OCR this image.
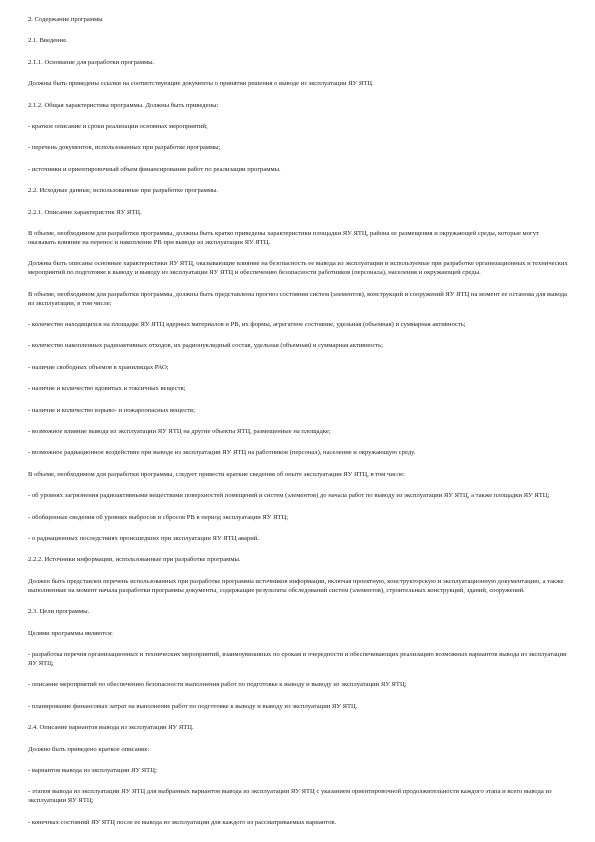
2. Содержание программы

2.1. Введение.

2.1.1. Основание для разработки программы.

Должны быть приведены ссылки на соответствующие документы о принятии решения о выводе из эксплуатации ЯУ ЯТЦ.

2.1.2. Общая характеристика программы. Должны быть приведены:

- краткое описание и сроки реализации основных мероприятий;

- перечень документов, использованных при разработке программы;

- источники и ориентировочный объем финансирования работ по реализации программы.

2.2. Исходные данные, использованные при разработке программы.

2.2.1. Описание характеристик ЯУ ЯТЦ.

В объеме, необходимом для разработки программы, должны быть кратко приведены характеристики площадки ЯУ ЯТЦ, района ее размещения и окружающей среды, которые могут оказывать влияние на перенос и накопление РВ при выводе из эксплуатации ЯУ ЯТЦ.

Должны быть описаны основные характеристики ЯУ ЯТЦ, оказывающие влияние на безопасность ее вывода из эксплуатации и используемые при разработке организационных и технических мероприятий по подготовке к выводу и выводу из эксплуатации ЯУ ЯТЦ и обеспечению безопасности работников (персонала), населения и окружающей среды.

В объеме, необходимом для разработки программы, должны быть представлены прогноз состояния систем (элементов), конструкций и сооружений ЯУ ЯТЦ на момент ее останова для вывода из эксплуатации, в том числе:

- количество находящихся на площадке ЯУ ЯТЦ ядерных материалов и РВ, их формы, агрегатное состояние, удельная (объемная) и суммарная активность;

- количество накопленных радиоактивных отходов, их радионуклидный состав, удельная (объемная) и суммарная активность;

- наличие свободных объемов в хранилищах РАО;

- наличие и количество ядовитых и токсичных веществ;

- наличие и количество взрыво- и пожароопасных веществ;

- возможное влияние вывода из эксплуатации ЯУ ЯТЦ на другие объекты ЯТЦ, размещенные на площадке;

- возможное радиационное воздействие при выводе из эксплуатации ЯУ ЯТЦ на работников (персонал), население и окружающую среду.

В объеме, необходимом для разработки программы, следует привести краткие сведения об опыте эксплуатации ЯУ ЯТЦ, в том числе:

- об уровнях загрязнения радиоактивными веществами поверхностей помещений и систем (элементов) до начала работ по выводу из эксплуатации ЯУ ЯТЦ, а также площадки ЯУ ЯТЦ;

- обобщенные сведения об уровнях выбросов и сбросов РВ в период эксплуатации ЯУ ЯТЦ;

- о радиационных последствиях происшедших при эксплуатации ЯУ ЯТЦ аварий.

2.2.2. Источники информации, использованные при разработке программы.

Должен быть представлен перечень использованных при разработке программы источников информации, включая проектную, конструкторскую и эксплуатационную документацию, а также выполненные на момент начала разработки программы документы, содержащие результаты обследований систем (элементов), строительных конструкций, зданий, сооружений.

2.3. Цели программы.

Целями программы являются:

- разработка перечня организационных и технических мероприятий, взаимоувязанных по срокам и очередности и обеспечивающих реализацию возможных вариантов вывода из эксплуатации ЯУ ЯТЦ;

- описание мероприятий по обеспечению безопасности выполнения работ по подготовке к выводу и выводу из эксплуатации ЯУ ЯТЦ;

- планирование финансовых затрат на выполнение работ по подготовке к выводу и выводу из эксплуатации ЯУ ЯТЦ.

2.4. Описание вариантов вывода из эксплуатации ЯУ ЯТЦ.

Должно быть приведено краткое описание:

- вариантов вывода из эксплуатации ЯУ ЯТЦ;

- этапов вывода из эксплуатации ЯУ ЯТЦ для выбранных вариантов вывода из эксплуатации ЯУ ЯТЦ с указанием ориентировочной продолжительности каждого этапа и всего вывода из эксплуатации ЯУ ЯТЦ;

- конечных состояний ЯУ ЯТЦ после ее вывода из эксплуатации для каждого из рассматриваемых вариантов.
